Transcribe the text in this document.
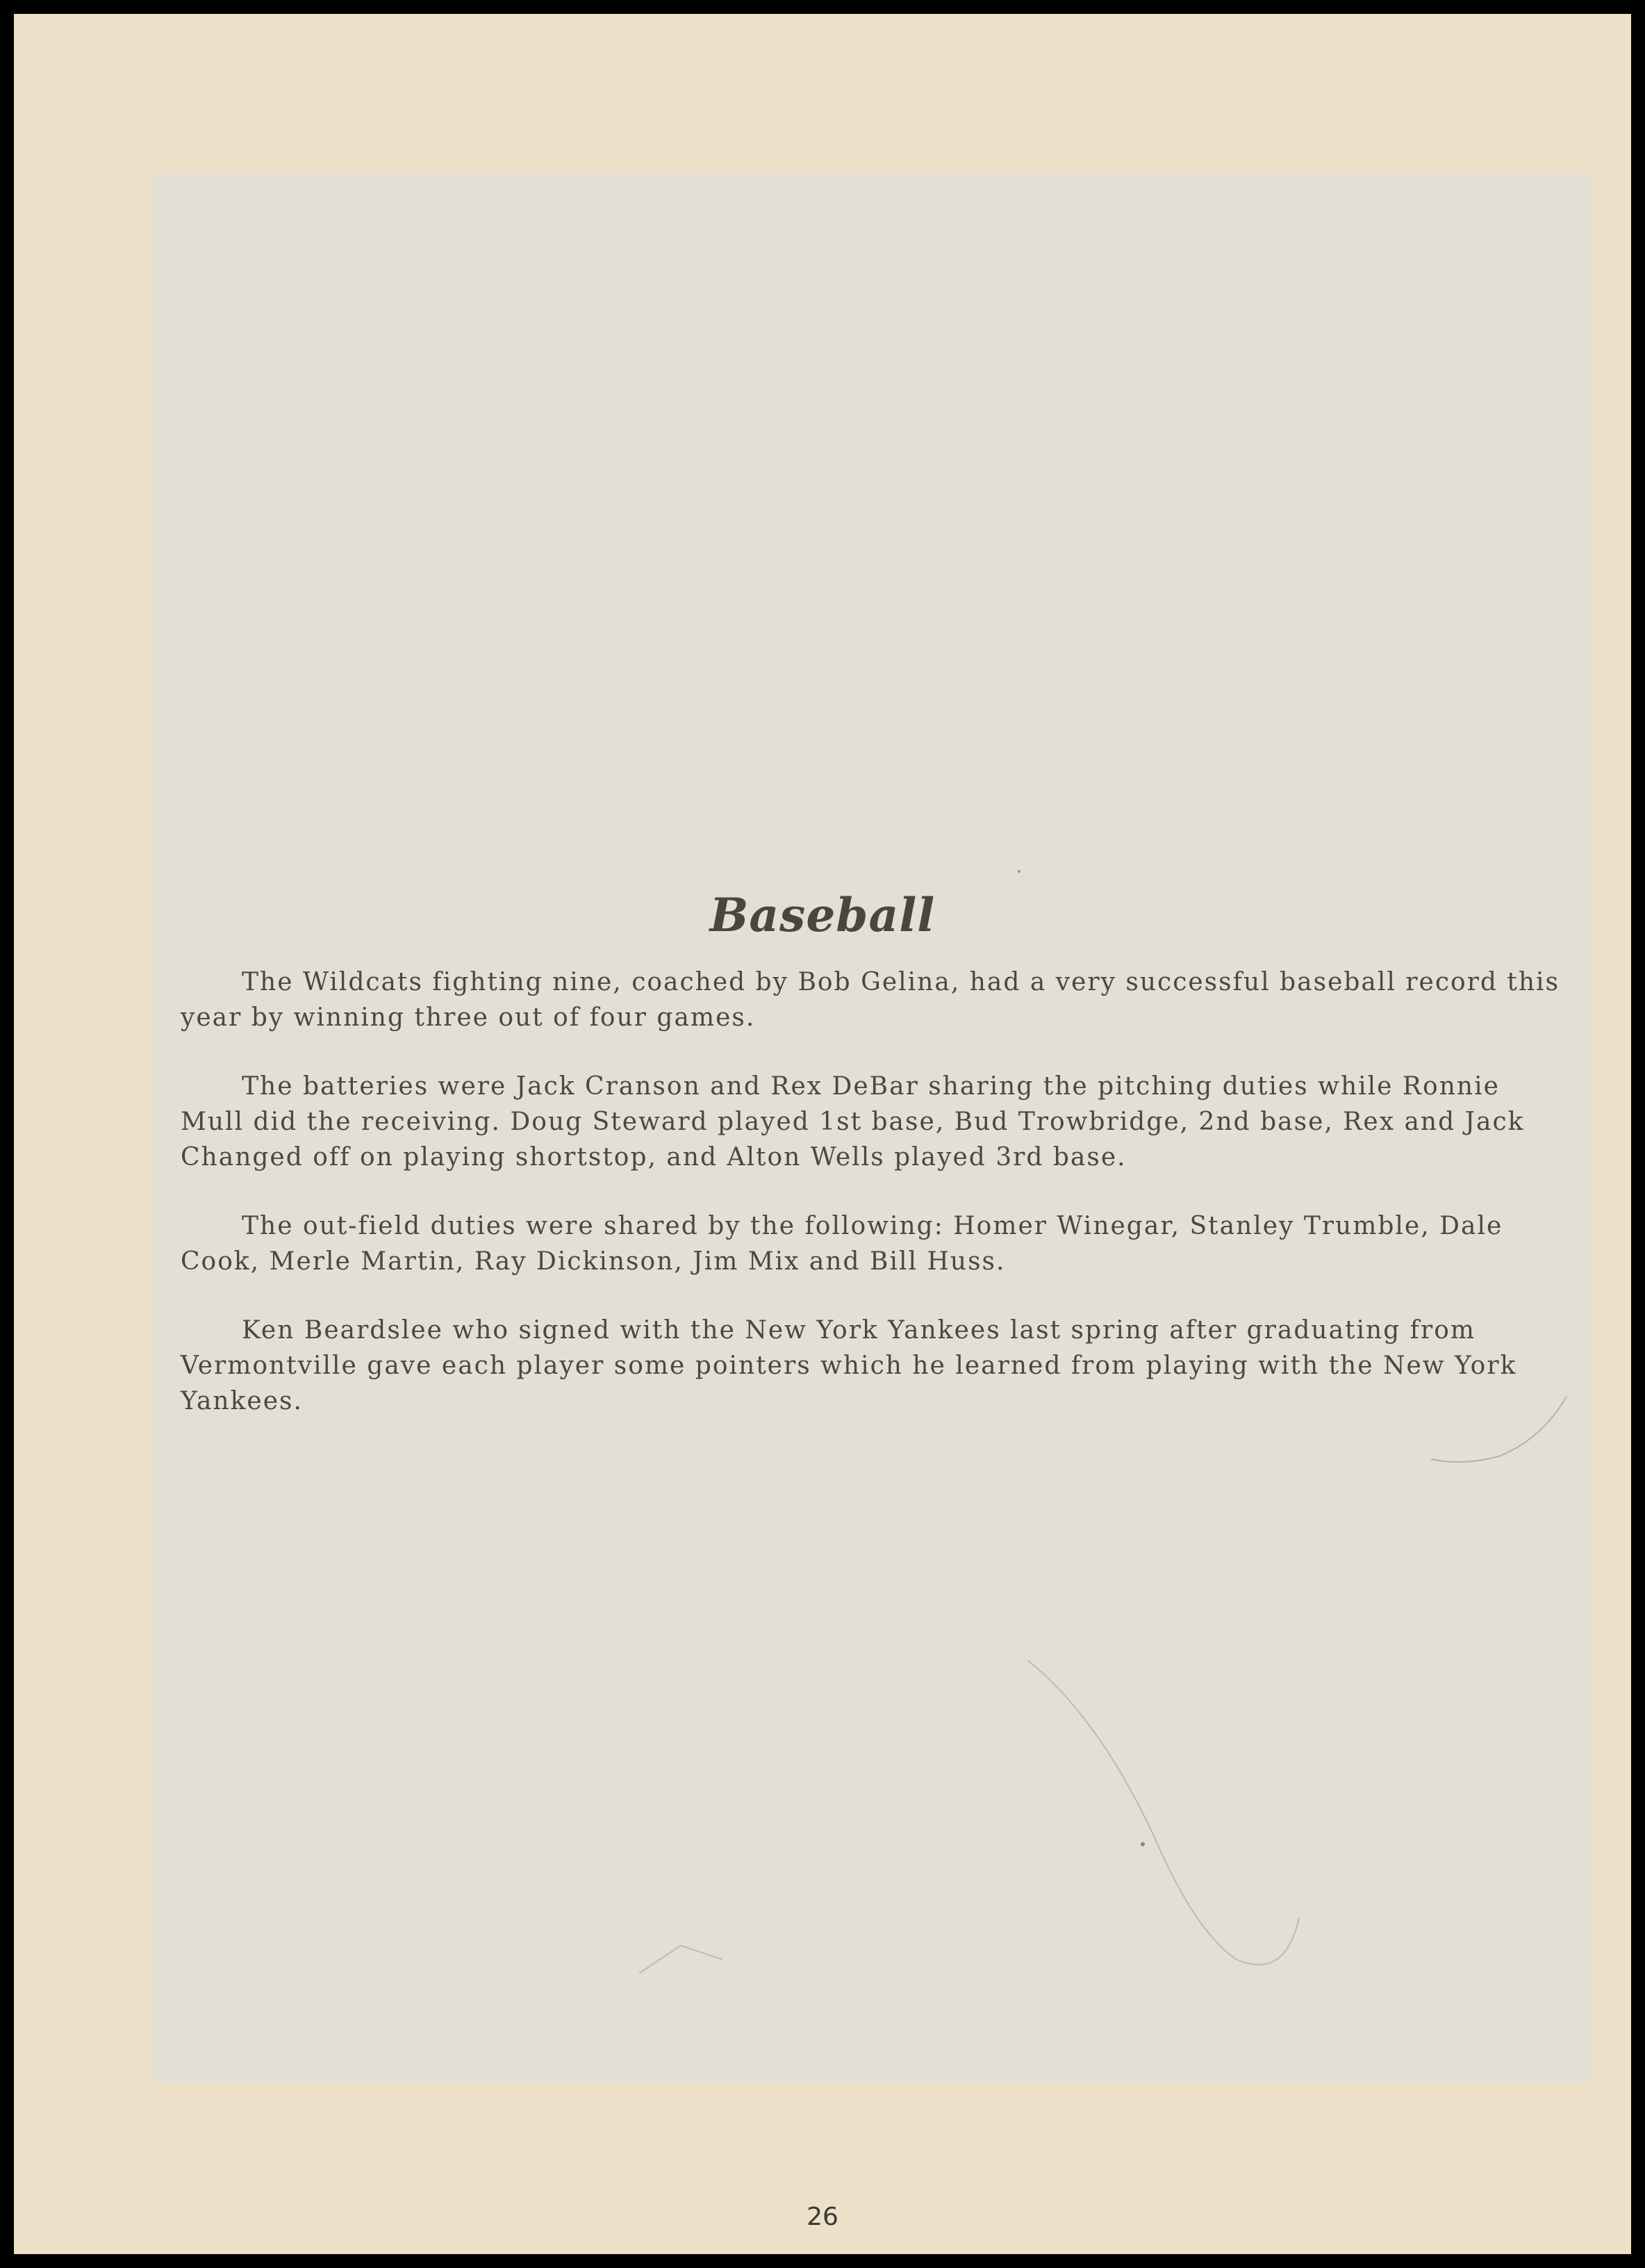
Baseball

The Wildcats fighting nine, coached by Bob Gelina, had a very successful baseball record this year by winning three out of four games.

The batteries were Jack Cranson and Rex DeBar sharing the pitching duties while Ronnie Mull did the receiving. Doug Steward played 1st base, Bud Trowbridge, 2nd base, Rex and Jack Changed off on playing shortstop, and Alton Wells played 3rd base.

The out-field duties were shared by the following: Homer Winegar, Stanley Trumble, Dale Cook, Merle Martin, Ray Dickinson, Jim Mix and Bill Huss.

Ken Beardslee who signed with the New York Yankees last spring after graduating from Vermontville gave each player some pointers which he learned from playing with the New York Yankees.

26
